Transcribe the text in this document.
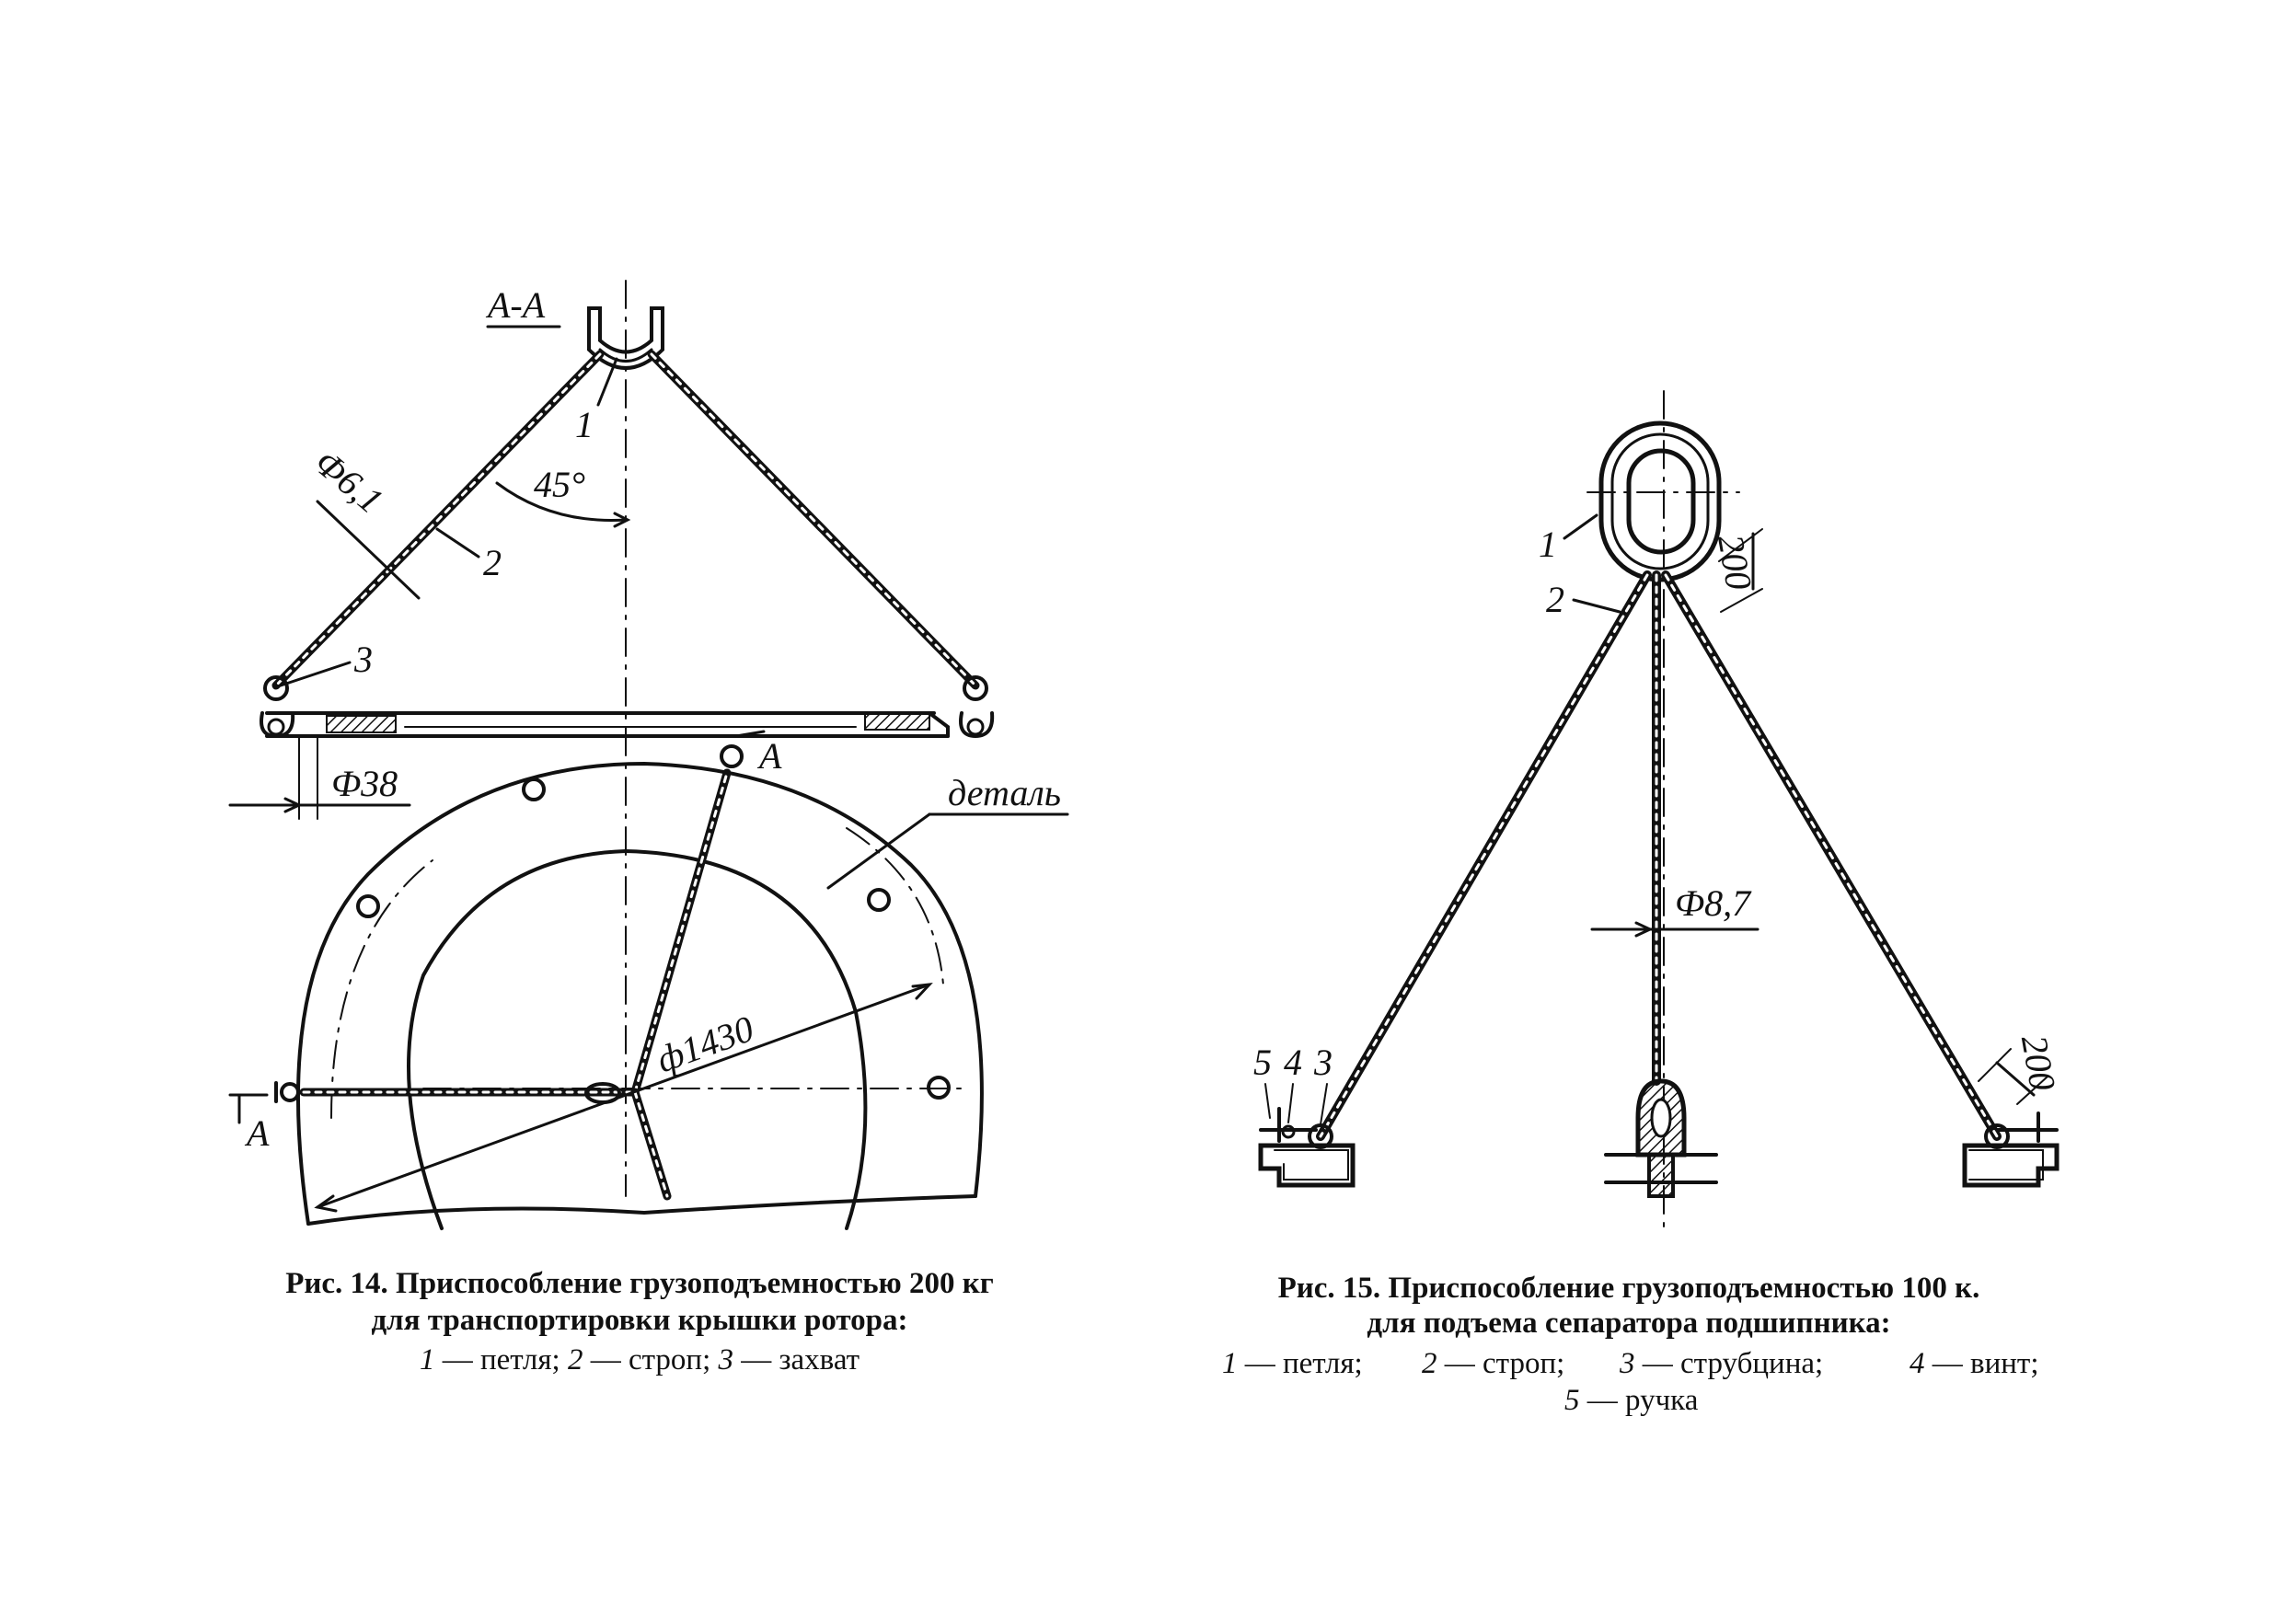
A-A
45°
Ф6,1
2
1
3
Ф38
ф1430
деталь
A
A
1
2
200
Ф8,7
5 4 3	200
Рис. 14. Приспособление грузоподъемностью 200 кг
для транспортировки крышки ротора:
1 — петля; 2 — строп; 3 — захват
Рис. 15. Приспособление грузоподъемностью 100 к.
для подъема сепаратора подшипника:
1 — петля; 2 — строп; 3 — струбцина;	4 — винт;
5 — ручка
